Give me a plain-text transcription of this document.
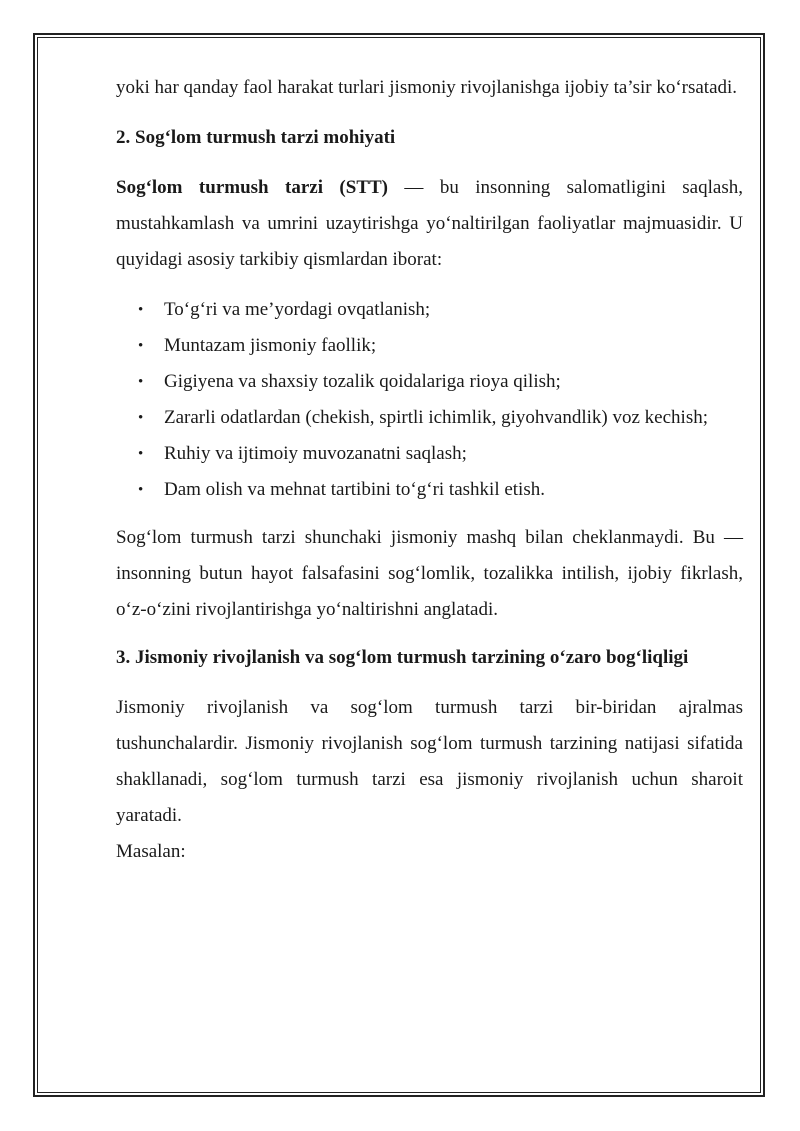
yoki har qanday faol harakat turlari jismoniy rivojlanishga ijobiy ta’sir ko‘rsatadi.

2. Sog‘lom turmush tarzi mohiyati

Sog‘lom turmush tarzi (STT) — bu insonning salomatligini saqlash, mustahkamlash va umrini uzaytirishga yo‘naltirilgan faoliyatlar majmuasidir. U quyidagi asosiy tarkibiy qismlardan iborat:

• To‘g‘ri va me’yordagi ovqatlanish;
• Muntazam jismoniy faollik;
• Gigiyena va shaxsiy tozalik qoidalariga rioya qilish;
• Zararli odatlardan (chekish, spirtli ichimlik, giyohvandlik) voz kechish;
• Ruhiy va ijtimoiy muvozanatni saqlash;
• Dam olish va mehnat tartibini to‘g‘ri tashkil etish.

Sog‘lom turmush tarzi shunchaki jismoniy mashq bilan cheklanmaydi. Bu — insonning butun hayot falsafasini sog‘lomlik, tozalikka intilish, ijobiy fikrlash, o‘z-o‘zini rivojlantirishga yo‘naltirishni anglatadi.

3. Jismoniy rivojlanish va sog‘lom turmush tarzining o‘zaro bog‘liqligi

Jismoniy rivojlanish va sog‘lom turmush tarzi bir-biridan ajralmas tushunchalardir. Jismoniy rivojlanish sog‘lom turmush tarzining natijasi sifatida shakllanadi, sog‘lom turmush tarzi esa jismoniy rivojlanish uchun sharoit yaratadi.

Masalan:
